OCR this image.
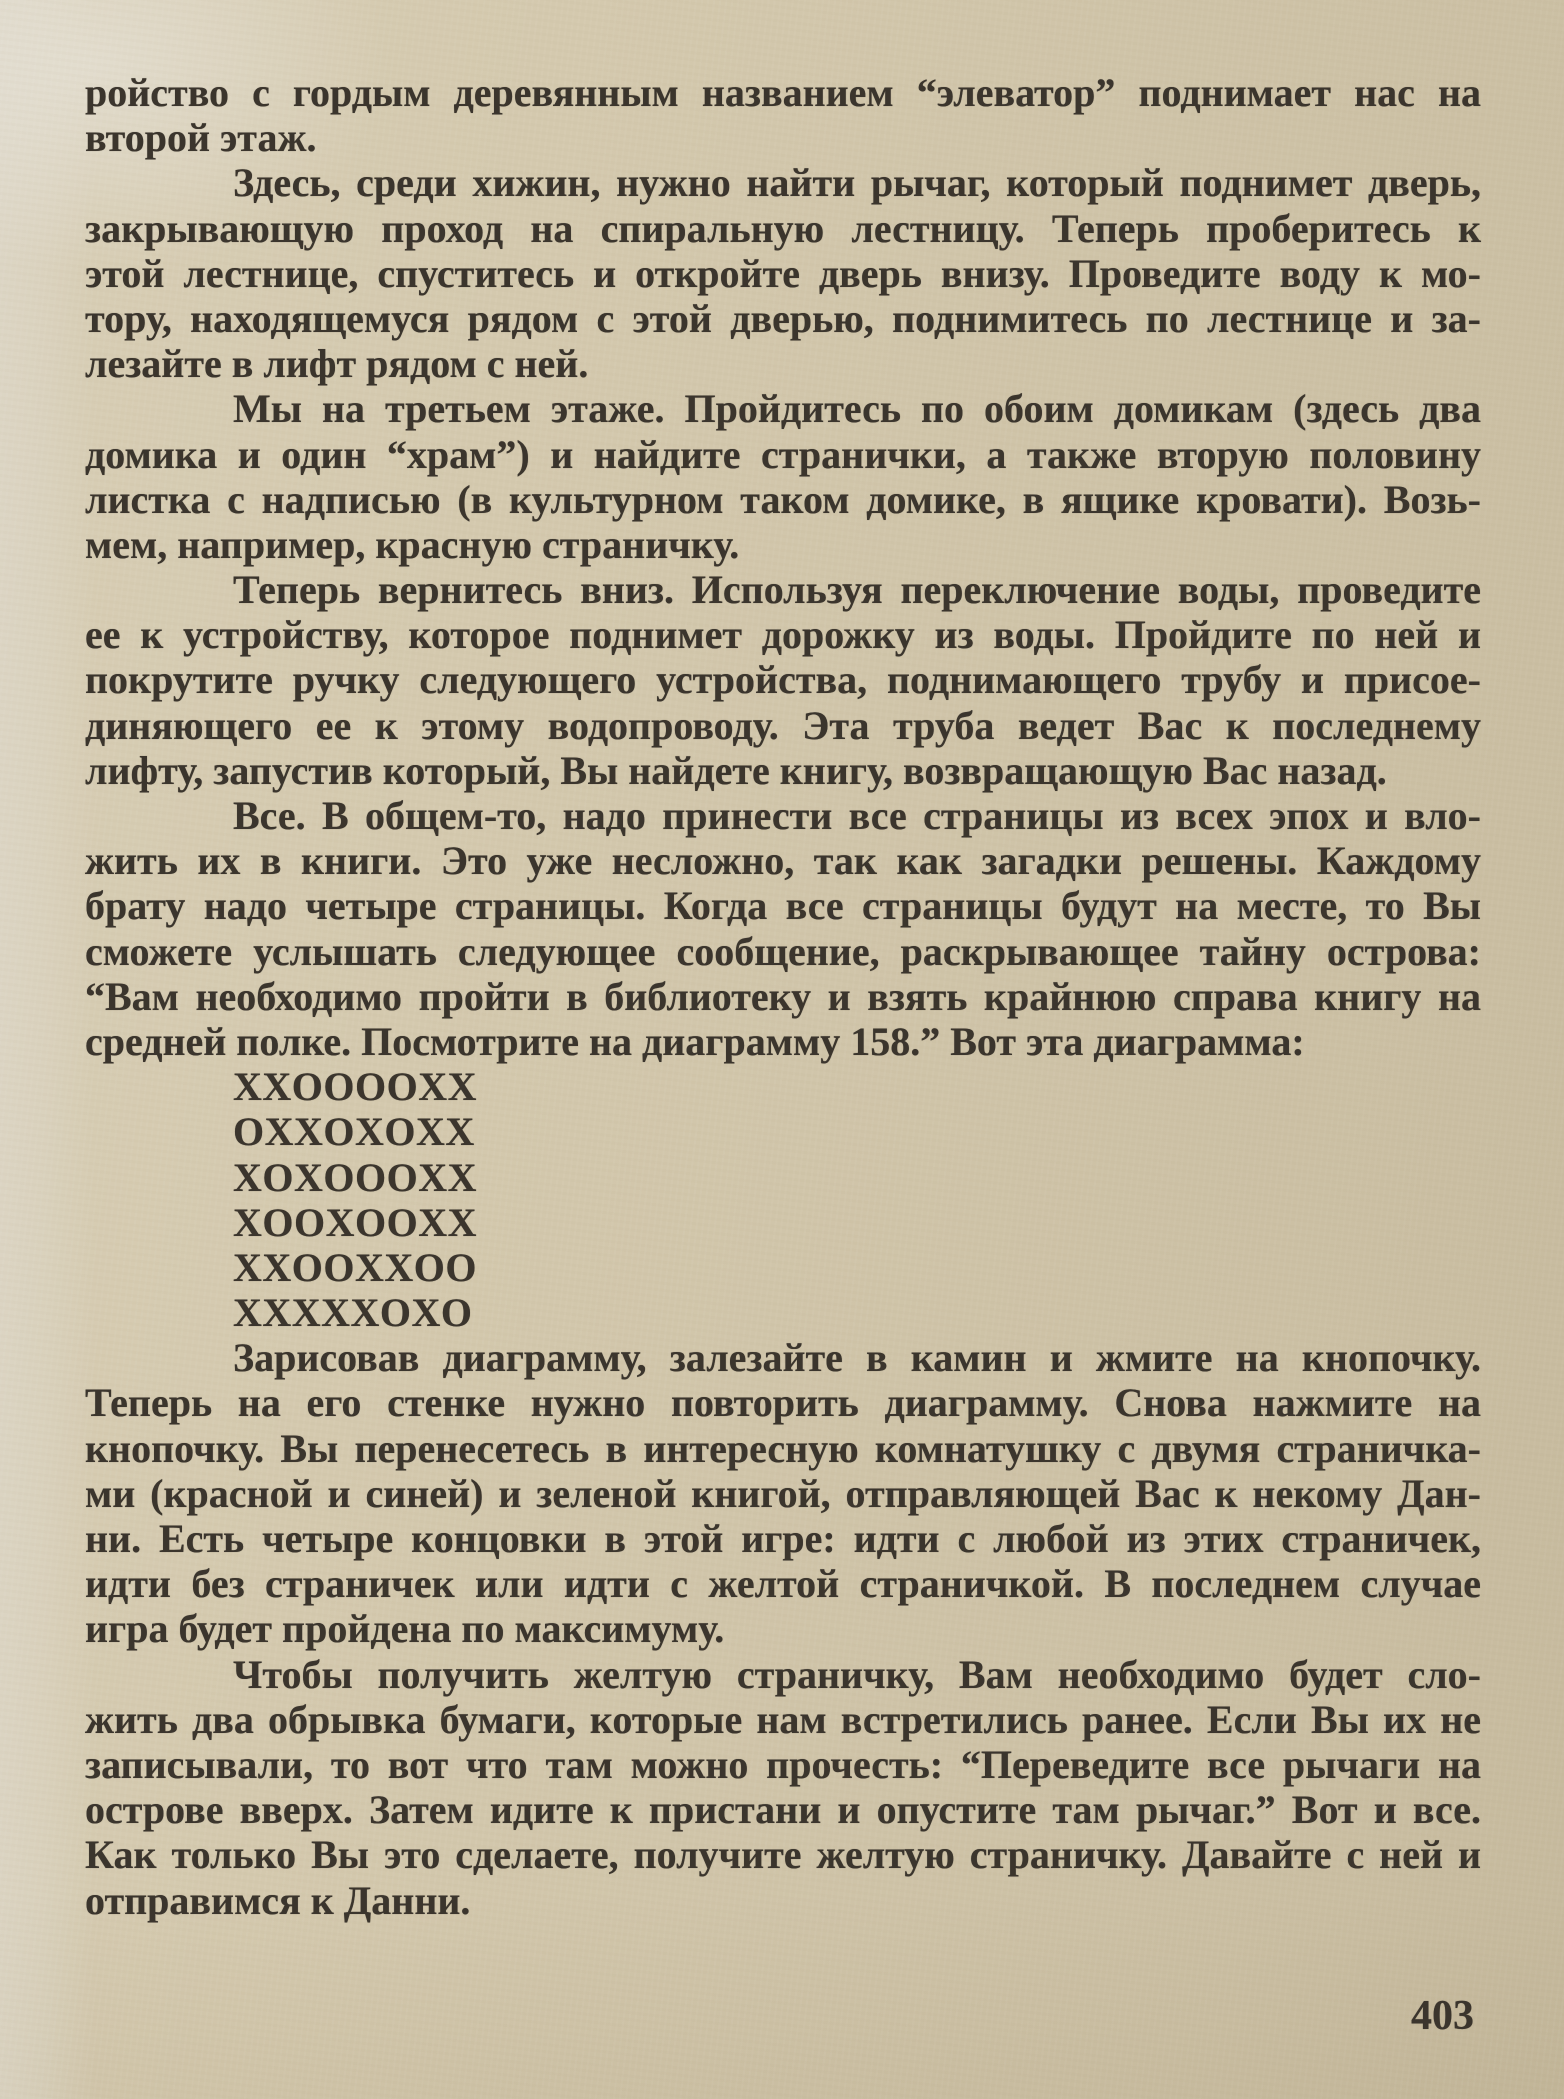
ройство с гордым деревянным названием “элеватор” поднимает нас на
второй этаж.
Здесь, среди хижин, нужно найти рычаг, который поднимет дверь,
закрывающую проход на спиральную лестницу. Теперь проберитесь к
этой лестнице, спуститесь и откройте дверь внизу. Проведите воду к мо-
тору, находящемуся рядом с этой дверью, поднимитесь по лестнице и за-
лезайте в лифт рядом с ней.
Мы на третьем этаже. Пройдитесь по обоим домикам (здесь два
домика и один “храм”) и найдите странички, а также вторую половину
листка с надписью (в культурном таком домике, в ящике кровати). Возь-
мем, например, красную страничку.
Теперь вернитесь вниз. Используя переключение воды, проведите
ее к устройству, которое поднимет дорожку из воды. Пройдите по ней и
покрутите ручку следующего устройства, поднимающего трубу и присое-
диняющего ее к этому водопроводу. Эта труба ведет Вас к последнему
лифту, запустив который, Вы найдете книгу, возвращающую Вас назад.
Все. В общем-то, надо принести все страницы из всех эпох и вло-
жить их в книги. Это уже несложно, так как загадки решены. Каждому
брату надо четыре страницы. Когда все страницы будут на месте, то Вы
сможете услышать следующее сообщение, раскрывающее тайну острова:
“Вам необходимо пройти в библиотеку и взять крайнюю справа книгу на
средней полке. Посмотрите на диаграмму 158.” Вот эта диаграмма:
XXOOOOXX
OXXOXOXX
XOXOOOXX
XOOXOOXX
XXOOXXOO
XXXXXOXO
Зарисовав диаграмму, залезайте в камин и жмите на кнопочку.
Теперь на его стенке нужно повторить диаграмму. Снова нажмите на
кнопочку. Вы перенесетесь в интересную комнатушку с двумя страничка-
ми (красной и синей) и зеленой книгой, отправляющей Вас к некому Дан-
ни. Есть четыре концовки в этой игре: идти с любой из этих страничек,
идти без страничек или идти с желтой страничкой. В последнем случае
игра будет пройдена по максимуму.
Чтобы получить желтую страничку, Вам необходимо будет сло-
жить два обрывка бумаги, которые нам встретились ранее. Если Вы их не
записывали, то вот что там можно прочесть: “Переведите все рычаги на
острове вверх. Затем идите к пристани и опустите там рычаг.” Вот и все.
Как только Вы это сделаете, получите желтую страничку. Давайте с ней и
отправимся к Данни.
403
